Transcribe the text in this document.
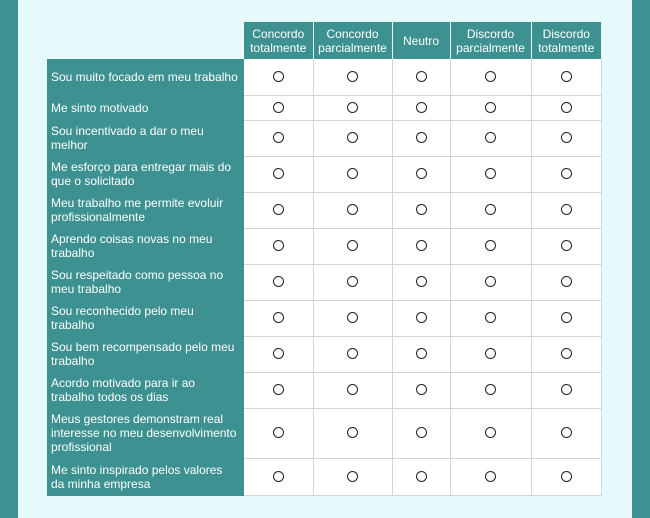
	Concordo totalmente	Concordo parcialmente	Neutro	Discordo parcialmente	Discordo totalmente
Sou muito focado em meu trabalho					
Me sinto motivado					
Sou incentivado a dar o meu melhor					
Me esforço para entregar mais do que o solicitado					
Meu trabalho me permite evoluir profissionalmente					
Aprendo coisas novas no meu trabalho					
Sou respeitado como pessoa no meu trabalho					
Sou reconhecido pelo meu trabalho					
Sou bem recompensado pelo meu trabalho					
Acordo motivado para ir ao trabalho todos os dias					
Meus gestores demonstram real interesse no meu desenvolvimento profissional					
Me sinto inspirado pelos valores da minha empresa					
